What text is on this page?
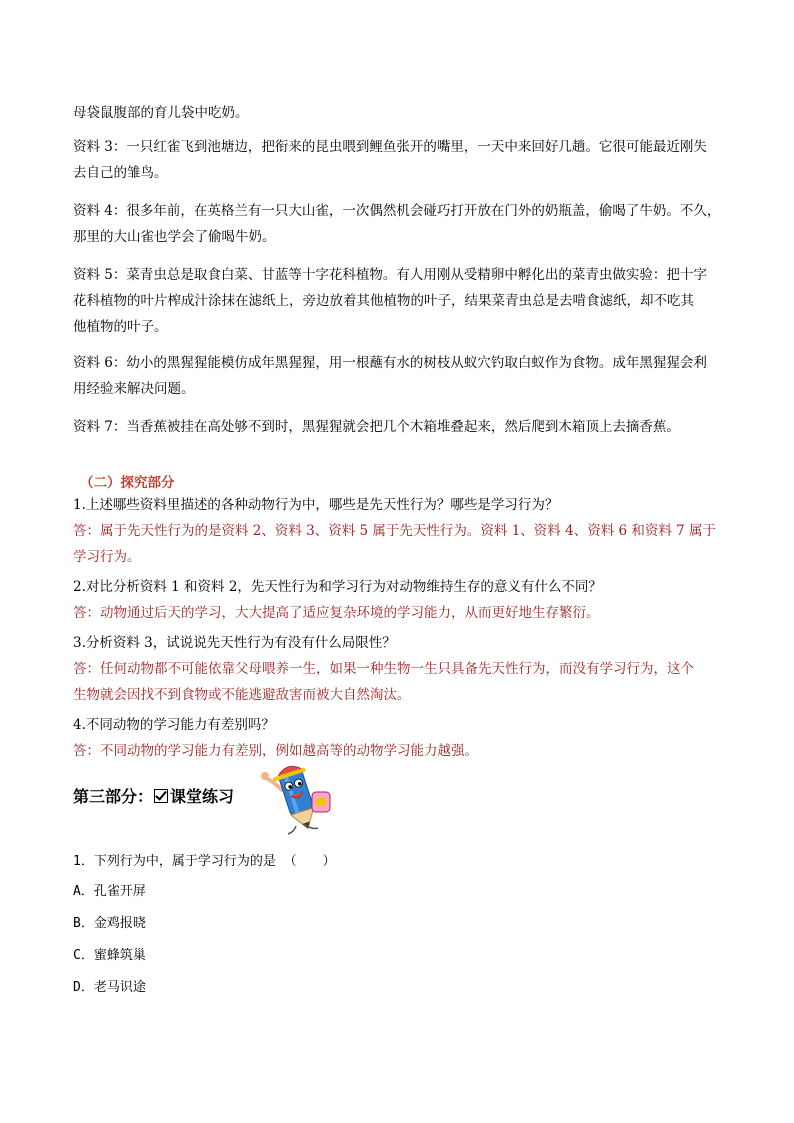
母袋鼠腹部的育儿袋中吃奶。
资料 3：一只红雀飞到池塘边，把衔来的昆虫喂到鲤鱼张开的嘴里，一天中来回好几趟。它很可能最近刚失
去自己的雏鸟。
资料 4：很多年前，在英格兰有一只大山雀，一次偶然机会碰巧打开放在门外的奶瓶盖，偷喝了牛奶。不久，
那里的大山雀也学会了偷喝牛奶。
资料 5：菜青虫总是取食白菜、甘蓝等十字花科植物。有人用刚从受精卵中孵化出的菜青虫做实验：把十字
花科植物的叶片榨成汁涂抹在滤纸上，旁边放着其他植物的叶子，结果菜青虫总是去啃食滤纸，却不吃其
他植物的叶子。
资料 6：幼小的黑猩猩能模仿成年黑猩猩，用一根蘸有水的树枝从蚁穴钓取白蚁作为食物。成年黑猩猩会利
用经验来解决问题。
资料 7：当香蕉被挂在高处够不到时，黑猩猩就会把几个木箱堆叠起来，然后爬到木箱顶上去摘香蕉。
（二）探究部分
1.上述哪些资料里描述的各种动物行为中，哪些是先天性行为？哪些是学习行为？
答：属于先天性行为的是资料 2、资料 3、资料 5 属于先天性行为。资料 1、资料 4、资料 6 和资料 7 属于
学习行为。
2.对比分析资料 1 和资料 2，先天性行为和学习行为对动物维持生存的意义有什么不同？
答：动物通过后天的学习，大大提高了适应复杂环境的学习能力，从而更好地生存繁衍。
3.分析资料 3，试说说先天性行为有没有什么局限性？
答：任何动物都不可能依靠父母喂养一生，如果一种生物一生只具备先天性行为，而没有学习行为，这个
生物就会因找不到食物或不能逃避敌害而被大自然淘汰。
4.不同动物的学习能力有差别吗？
答：不同动物的学习能力有差别，例如越高等的动物学习能力越强。
第三部分： 课堂练习
1．下列行为中，属于学习行为的是 （　　）
A．孔雀开屏
B．金鸡报晓
C．蜜蜂筑巢
D．老马识途
